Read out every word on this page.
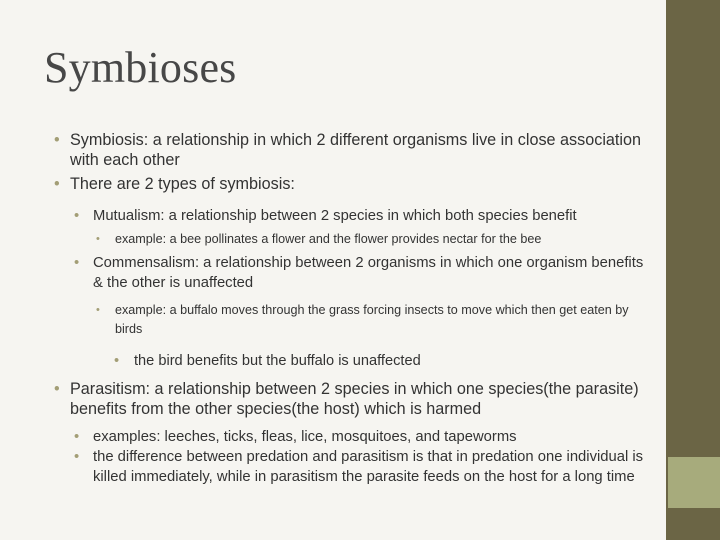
Symbioses

• Symbiosis: a relationship in which 2 different organisms live in close association with each other

• There are 2 types of symbiosis:

• Mutualism: a relationship between 2 species in which both species benefit

• example: a bee pollinates a flower and the flower provides nectar for the bee

• Commensalism: a relationship between 2 organisms in which one organism benefits & the other is unaffected

• example: a buffalo moves through the grass forcing insects to move which then get eaten by birds

• the bird benefits but the buffalo is unaffected

• Parasitism: a relationship between 2 species in which one species(the parasite) benefits from the other species(the host) which is harmed

• examples: leeches, ticks, fleas, lice, mosquitoes, and tapeworms

• the difference between predation and parasitism is that in predation one individual is killed immediately, while in parasitism the parasite feeds on the host for a long time
